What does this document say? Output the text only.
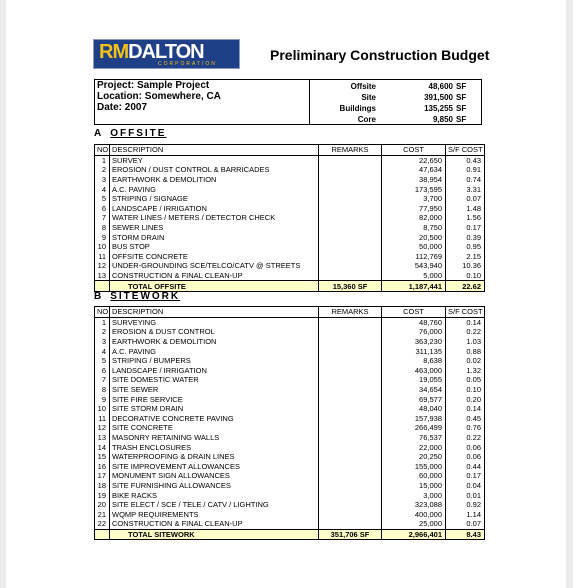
RMDALTON
CORPORATION
Preliminary Construction Budget
Project: Sample Project
Location: Somewhere, CA
Date: 2007
Offsite	48,600 SF
Site	391,500 SF
Buildings	135,255 SF
Core	9,850 SF
A OFFSITE
NO	DESCRIPTION	REMARKS	COST	S/F COST
1	SURVEY		22,650	0.43
2	EROSION / DUST CONTROL & BARRICADES		47,634	0.91
3	EARTHWORK & DEMOLITION		38,954	0.74
4	A.C. PAVING		173,595	3.31
5	STRIPING / SIGNAGE		3,700	0.07
6	LANDSCAPE / IRRIGATION		77,950	1.48
7	WATER LINES / METERS / DETECTOR CHECK		82,000	1.56
8	SEWER LINES		8,750	0.17
9	STORM DRAIN		20,500	0.39
10	BUS STOP		50,000	0.95
11	OFFSITE CONCRETE		112,769	2.15
12	UNDER-GROUNDING SCE/TELCO/CATV @ STREETS		543,940	10.36
13	CONSTRUCTION & FINAL CLEAN-UP		5,000	0.10
	TOTAL OFFSITE	15,360 SF	1,187,441	22.62
B SITEWORK
NO	DESCRIPTION	REMARKS	COST	S/F COST
1	SURVEYING		48,760	0.14
2	EROSION & DUST CONTROL		76,000	0.22
3	EARTHWORK & DEMOLITION		363,230	1.03
4	A.C. PAVING		311,135	0.88
5	STRIPING / BUMPERS		8,638	0.02
6	LANDSCAPE / IRRIGATION		463,000	1.32
7	SITE DOMESTIC WATER		19,055	0.05
8	SITE SEWER		34,654	0.10
9	SITE FIRE SERVICE		69,577	0.20
10	SITE STORM DRAIN		48,040	0.14
11	DECORATIVE CONCRETE PAVING		157,938	0.45
12	SITE CONCRETE		266,499	0.76
13	MASONRY RETAINING WALLS		76,537	0.22
14	TRASH ENCLOSURES		22,000	0.06
15	WATERPROOFING & DRAIN LINES		20,250	0.06
16	SITE IMPROVEMENT ALLOWANCES		155,000	0.44
17	MONUMENT SIGN ALLOWANCES		60,000	0.17
18	SITE FURNISHING ALLOWANCES		15,000	0.04
19	BIKE RACKS		3,000	0.01
20	SITE ELECT / SCE / TELE / CATV / LIGHTING		323,088	0.92
21	WQMP REQUIREMENTS		400,000	1.14
22	CONSTRUCTION & FINAL CLEAN-UP		25,000	0.07
	TOTAL SITEWORK	351,706 SF	2,966,401	8.43
